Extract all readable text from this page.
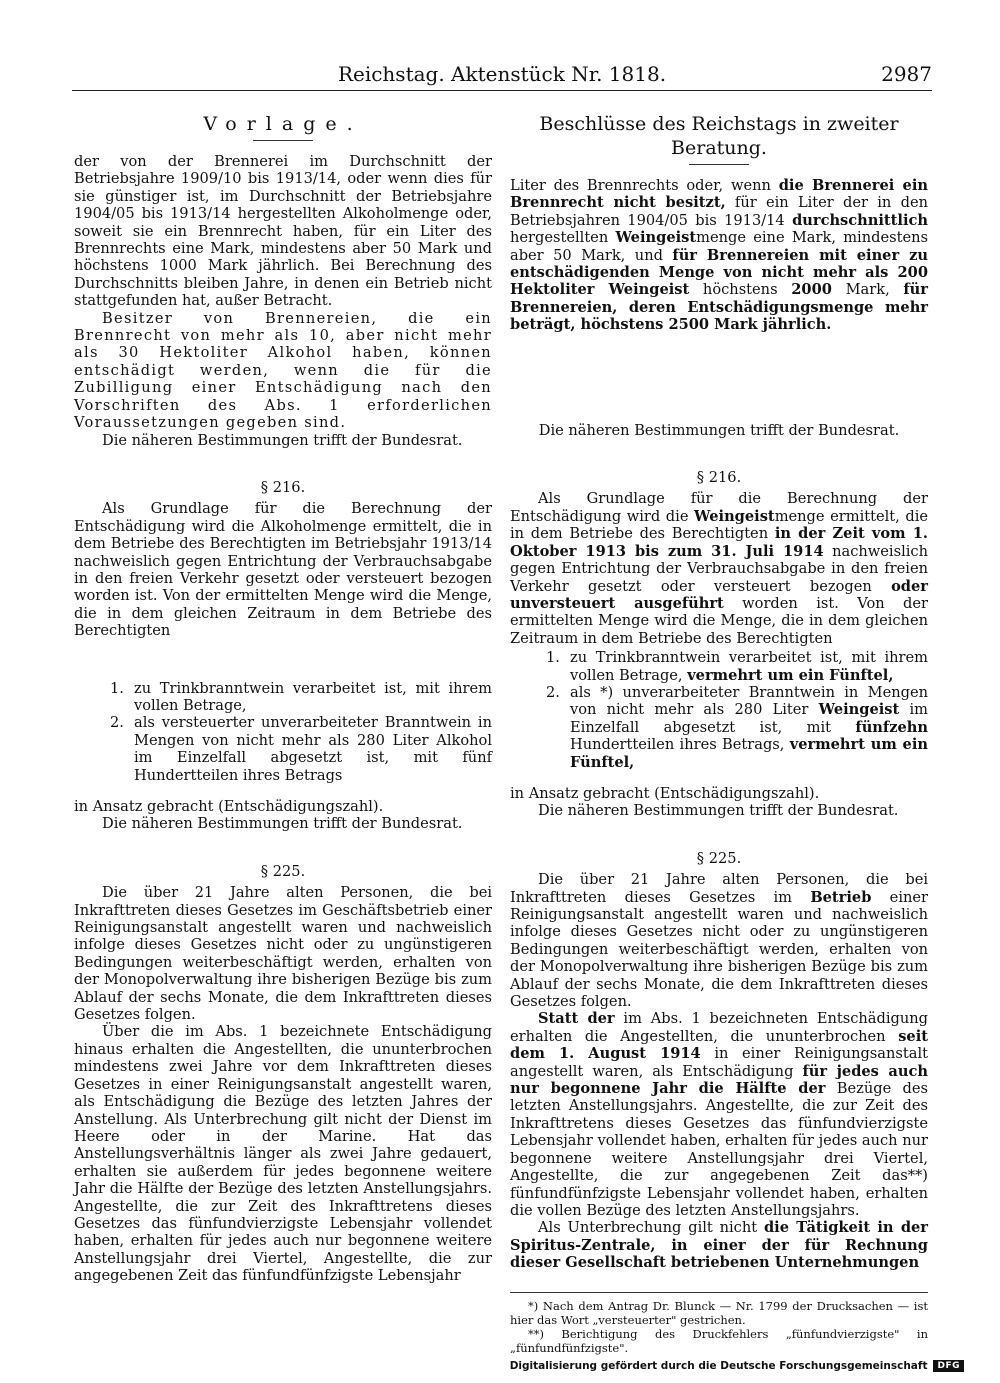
Reichstag. Aktenstück Nr. 1818.	2987
Vorlage.

der von der Brennerei im Durchschnitt der Betriebsjahre 1909/10 bis 1913/14, oder wenn dies für sie günstiger ist, im Durchschnitt der Betriebsjahre 1904/05 bis 1913/14 hergestellten Alkoholmenge oder, soweit sie ein Brennrecht haben, für ein Liter des Brennrechts eine Mark, mindestens aber 50 Mark und höchstens 1000 Mark jährlich. Bei Berechnung des Durchschnitts bleiben Jahre, in denen ein Betrieb nicht stattgefunden hat, außer Betracht.

Besitzer von Brennereien, die ein Brennrecht von mehr als 10, aber nicht mehr als 30 Hektoliter Alkohol haben, können entschädigt werden, wenn die für die Zubilligung einer Entschädigung nach den Vorschriften des Abs. 1 erforderlichen Voraussetzungen gegeben sind.

Die näheren Bestimmungen trifft der Bundesrat.

§ 216.

Als Grundlage für die Berechnung der Entschädigung wird die Alkoholmenge ermittelt, die in dem Betriebe des Berechtigten im Betriebsjahr 1913/14 nachweislich gegen Entrichtung der Verbrauchsabgabe in den freien Verkehr gesetzt oder versteuert bezogen worden ist. Von der ermittelten Menge wird die Menge, die in dem gleichen Zeitraum in dem Betriebe des Berechtigten

1. zu Trinkbranntwein verarbeitet ist, mit ihrem vollen Betrage,
2. als versteuerter unverarbeiteter Branntwein in Mengen von nicht mehr als 280 Liter Alkohol im Einzelfall abgesetzt ist, mit fünf Hundertteilen ihres Betrags

in Ansatz gebracht (Entschädigungszahl).

Die näheren Bestimmungen trifft der Bundesrat.

§ 225.

Die über 21 Jahre alten Personen, die bei Inkrafttreten dieses Gesetzes im Geschäftsbetrieb einer Reinigungsanstalt angestellt waren und nachweislich infolge dieses Gesetzes nicht oder zu ungünstigeren Bedingungen weiterbeschäftigt werden, erhalten von der Monopolverwaltung ihre bisherigen Bezüge bis zum Ablauf der sechs Monate, die dem Inkrafttreten dieses Gesetzes folgen.

Über die im Abs. 1 bezeichnete Entschädigung hinaus erhalten die Angestellten, die ununterbrochen mindestens zwei Jahre vor dem Inkrafttreten dieses Gesetzes in einer Reinigungsanstalt angestellt waren, als Entschädigung die Bezüge des letzten Jahres der Anstellung. Als Unterbrechung gilt nicht der Dienst im Heere oder in der Marine. Hat das Anstellungsverhältnis länger als zwei Jahre gedauert, erhalten sie außerdem für jedes begonnene weitere Jahr die Hälfte der Bezüge des letzten Anstellungsjahrs. Angestellte, die zur Zeit des Inkrafttretens dieses Gesetzes das fünfundvierzigste Lebensjahr vollendet haben, erhalten für jedes auch nur begonnene weitere Anstellungsjahr drei Viertel, Angestellte, die zur angegebenen Zeit das fünfundfünfzigste Lebensjahr

Beschlüsse des Reichstags in zweiter Beratung.

Liter des Brennrechts oder, wenn die Brennerei ein Brennrecht nicht besitzt, für ein Liter der in den Betriebsjahren 1904/05 bis 1913/14 durchschnittlich hergestellten Weingeistmenge eine Mark, mindestens aber 50 Mark, und für Brennereien mit einer zu entschädigenden Menge von nicht mehr als 200 Hektoliter Weingeist höchstens 2000 Mark, für Brennereien, deren Entschädigungsmenge mehr beträgt, höchstens 2500 Mark jährlich.

Die näheren Bestimmungen trifft der Bundesrat.

§ 216.

Als Grundlage für die Berechnung der Entschädigung wird die Weingeistmenge ermittelt, die in dem Betriebe des Berechtigten in der Zeit vom 1. Oktober 1913 bis zum 31. Juli 1914 nachweislich gegen Entrichtung der Verbrauchsabgabe in den freien Verkehr gesetzt oder versteuert bezogen oder unversteuert ausgeführt worden ist. Von der ermittelten Menge wird die Menge, die in dem gleichen Zeitraum in dem Betriebe des Berechtigten

1. zu Trinkbranntwein verarbeitet ist, mit ihrem vollen Betrage, vermehrt um ein Fünftel,
2. als *) unverarbeiteter Branntwein in Mengen von nicht mehr als 280 Liter Weingeist im Einzelfall abgesetzt ist, mit fünfzehn Hundertteilen ihres Betrags, vermehrt um ein Fünftel,

in Ansatz gebracht (Entschädigungszahl).

Die näheren Bestimmungen trifft der Bundesrat.

§ 225.

Die über 21 Jahre alten Personen, die bei Inkrafttreten dieses Gesetzes im Betrieb einer Reinigungsanstalt angestellt waren und nachweislich infolge dieses Gesetzes nicht oder zu ungünstigeren Bedingungen weiterbeschäftigt werden, erhalten von der Monopolverwaltung ihre bisherigen Bezüge bis zum Ablauf der sechs Monate, die dem Inkrafttreten dieses Gesetzes folgen.

Statt der im Abs. 1 bezeichneten Entschädigung erhalten die Angestellten, die ununterbrochen seit dem 1. August 1914 in einer Reinigungsanstalt angestellt waren, als Entschädigung für jedes auch nur begonnene Jahr die Hälfte der Bezüge des letzten Anstellungsjahrs. Angestellte, die zur Zeit des Inkrafttretens dieses Gesetzes das fünfundvierzigste Lebensjahr vollendet haben, erhalten für jedes auch nur begonnene weitere Anstellungsjahr drei Viertel, Angestellte, die zur angegebenen Zeit das**) fünfundfünfzigste Lebensjahr vollendet haben, erhalten die vollen Bezüge des letzten Anstellungsjahrs.

Als Unterbrechung gilt nicht die Tätigkeit in der Spiritus-Zentrale, in einer der für Rechnung dieser Gesellschaft betriebenen Unternehmungen

*) Nach dem Antrag Dr. Blunck — Nr. 1799 der Drucksachen — ist hier das Wort „versteuerter" gestrichen.

**) Berichtigung des Druckfehlers „fünfundvierzigste" in „fünfundfünfzigste".

Digitalisierung gefördert durch die Deutsche Forschungsgemeinschaft	DFG
